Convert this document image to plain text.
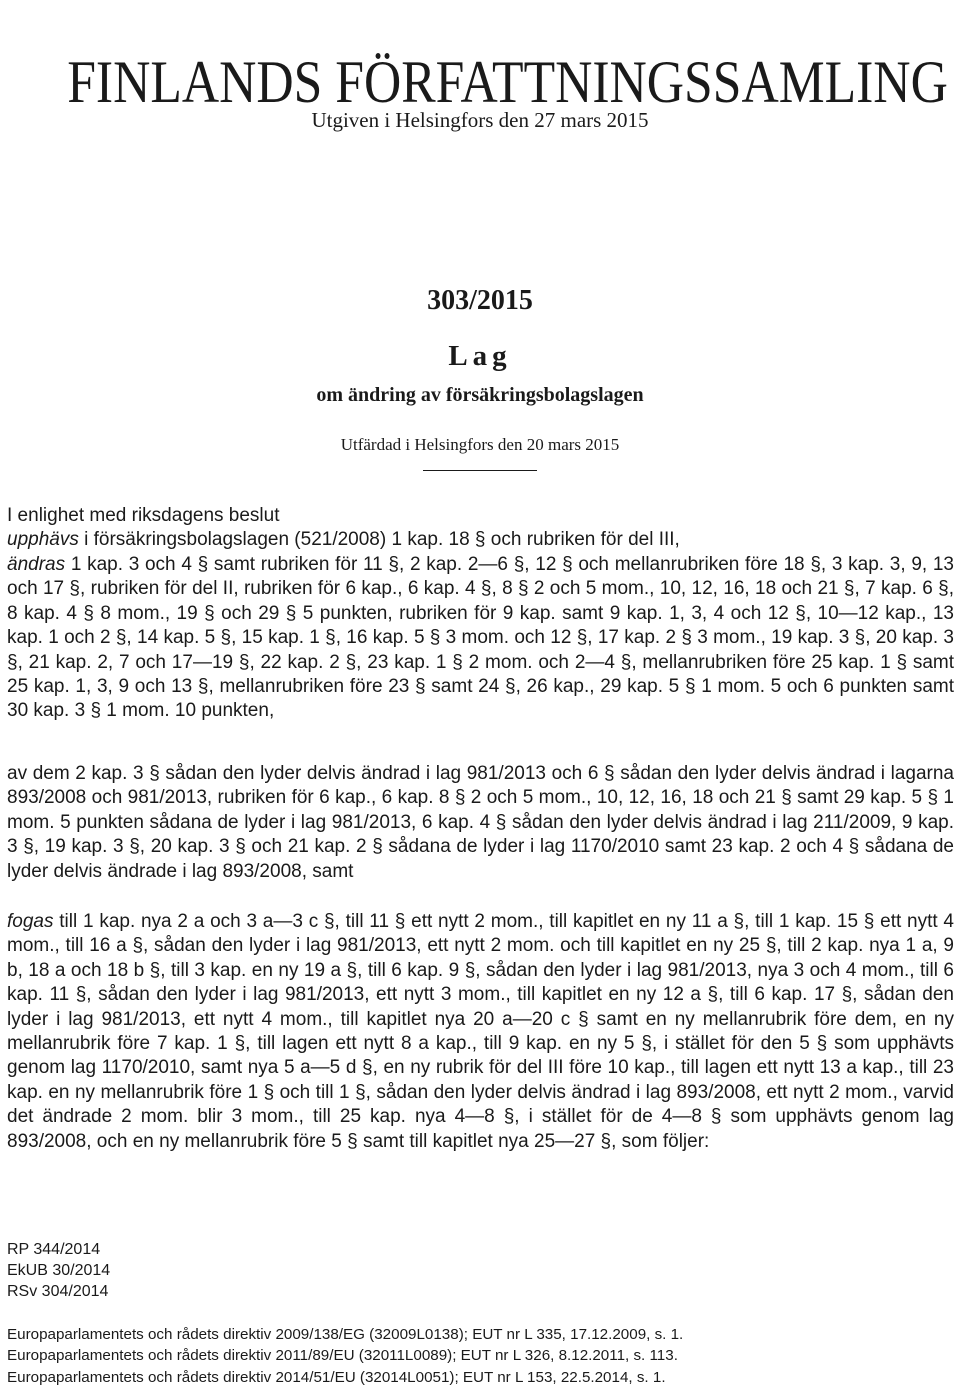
FINLANDS FÖRFATTNINGSSAMLING
Utgiven i Helsingfors den 27 mars 2015
303/2015
Lag
om ändring av försäkringsbolagslagen
Utfärdad i Helsingfors den 20 mars 2015
I enlighet med riksdagens beslut
upphävs i försäkringsbolagslagen (521/2008) 1 kap. 18 § och rubriken för del III,
ändras 1 kap. 3 och 4 § samt rubriken för 11 §, 2 kap. 2—6 §, 12 § och mellanrubriken före 18 §, 3 kap. 3, 9, 13 och 17 §, rubriken för del II, rubriken för 6 kap., 6 kap. 4 §, 8 § 2 och 5 mom., 10, 12, 16, 18 och 21 §, 7 kap. 6 §, 8 kap. 4 § 8 mom., 19 § och 29 § 5 punkten, rubriken för 9 kap. samt 9 kap. 1, 3, 4 och 12 §, 10—12 kap., 13 kap. 1 och 2 §, 14 kap. 5 §, 15 kap. 1 §, 16 kap. 5 § 3 mom. och 12 §, 17 kap. 2 § 3 mom., 19 kap. 3 §, 20 kap. 3 §, 21 kap. 2, 7 och 17—19 §, 22 kap. 2 §, 23 kap. 1 § 2 mom. och 2—4 §, mellanrubriken före 25 kap. 1 § samt 25 kap. 1, 3, 9 och 13 §, mellanrubriken före 23 § samt 24 §, 26 kap., 29 kap. 5 § 1 mom. 5 och 6 punkten samt 30 kap. 3 § 1 mom. 10 punkten,
av dem 2 kap. 3 § sådan den lyder delvis ändrad i lag 981/2013 och 6 § sådan den lyder delvis ändrad i lagarna 893/2008 och 981/2013, rubriken för 6 kap., 6 kap. 8 § 2 och 5 mom., 10, 12, 16, 18 och 21 § samt 29 kap. 5 § 1 mom. 5 punkten sådana de lyder i lag 981/2013, 6 kap. 4 § sådan den lyder delvis ändrad i lag 211/2009, 9 kap. 3 §, 19 kap. 3 §, 20 kap. 3 § och 21 kap. 2 § sådana de lyder i lag 1170/2010 samt 23 kap. 2 och 4 § sådana de lyder delvis ändrade i lag 893/2008, samt
fogas till 1 kap. nya 2 a och 3 a—3 c §, till 11 § ett nytt 2 mom., till kapitlet en ny 11 a §, till 1 kap. 15 § ett nytt 4 mom., till 16 a §, sådan den lyder i lag 981/2013, ett nytt 2 mom. och till kapitlet en ny 25 §, till 2 kap. nya 1 a, 9 b, 18 a och 18 b §, till 3 kap. en ny 19 a §, till 6 kap. 9 §, sådan den lyder i lag 981/2013, nya 3 och 4 mom., till 6 kap. 11 §, sådan den lyder i lag 981/2013, ett nytt 3 mom., till kapitlet en ny 12 a §, till 6 kap. 17 §, sådan den lyder i lag 981/2013, ett nytt 4 mom., till kapitlet nya 20 a—20 c § samt en ny mellanrubrik före dem, en ny mellanrubrik före 7 kap. 1 §, till lagen ett nytt 8 a kap., till 9 kap. en ny 5 §, i stället för den 5 § som upphävts genom lag 1170/2010, samt nya 5 a—5 d §, en ny rubrik för del III före 10 kap., till lagen ett nytt 13 a kap., till 23 kap. en ny mellanrubrik före 1 § och till 1 §, sådan den lyder delvis ändrad i lag 893/2008, ett nytt 2 mom., varvid det ändrade 2 mom. blir 3 mom., till 25 kap. nya 4—8 §, i stället för de 4—8 § som upphävts genom lag 893/2008, och en ny mellanrubrik före 5 § samt till kapitlet nya 25—27 §, som följer:
RP 344/2014
EkUB 30/2014
RSv 304/2014
Europaparlamentets och rådets direktiv 2009/138/EG (32009L0138); EUT nr L 335, 17.12.2009, s. 1.
Europaparlamentets och rådets direktiv 2011/89/EU (32011L0089); EUT nr L 326, 8.12.2011, s. 113.
Europaparlamentets och rådets direktiv 2014/51/EU (32014L0051); EUT nr L 153, 22.5.2014, s. 1.
